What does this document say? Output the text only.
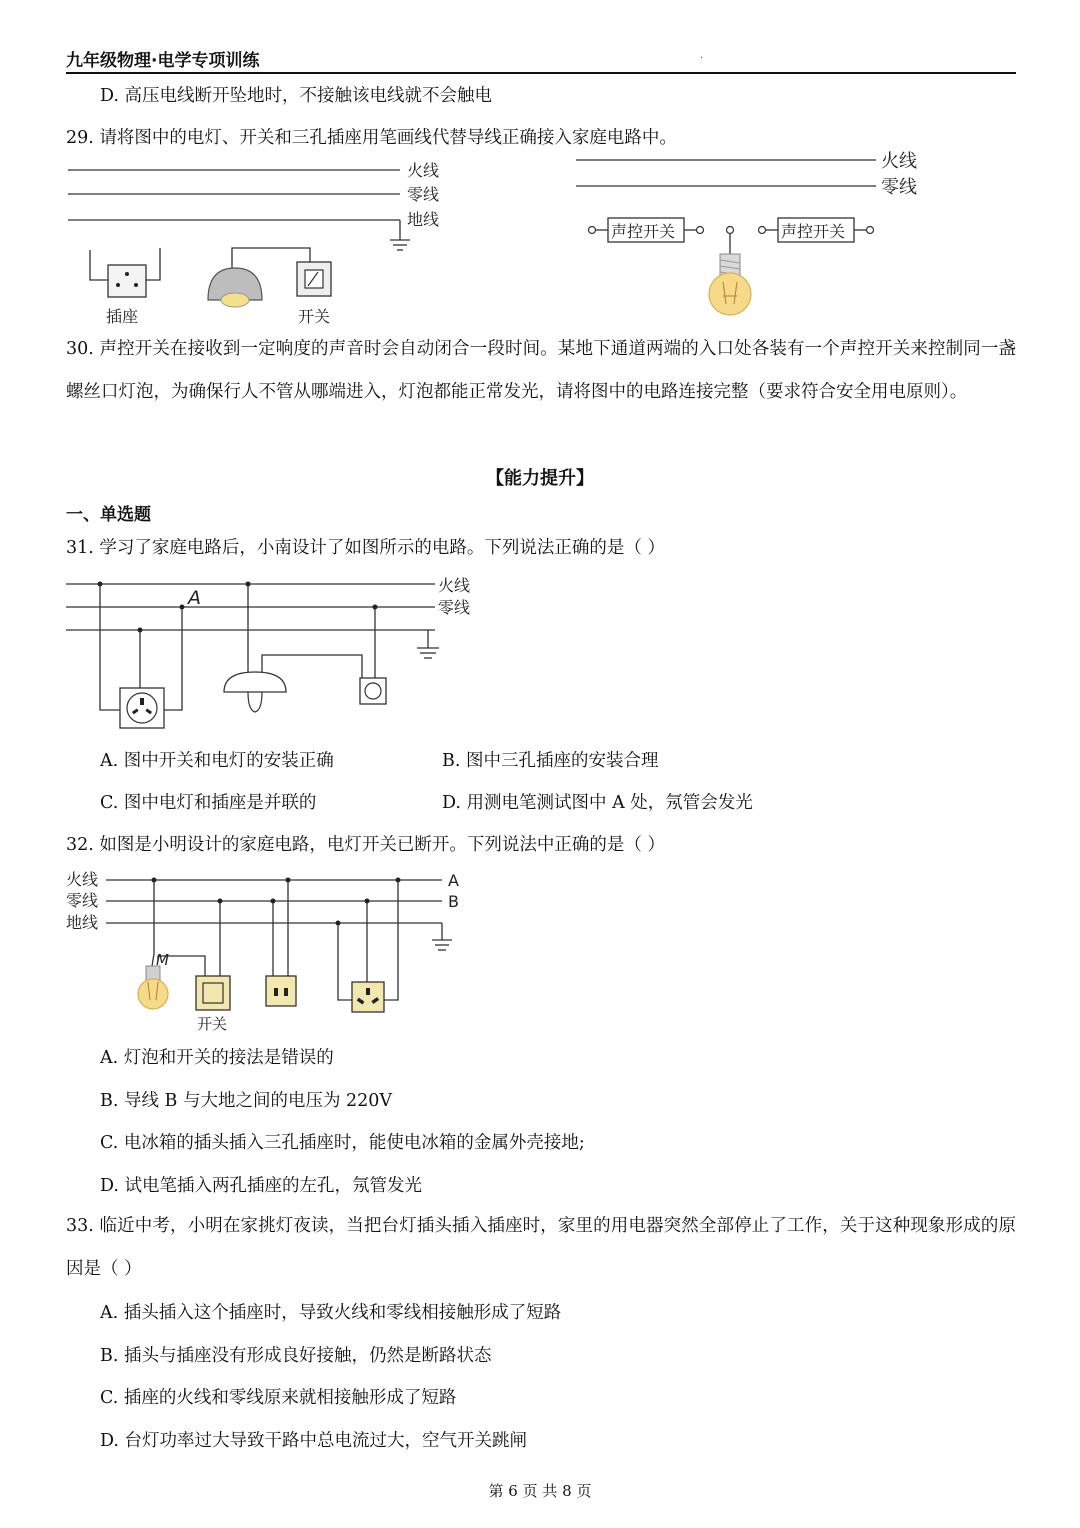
九年级物理·电学专项训练	.
D. 高压电线断开坠地时，不接触该电线就不会触电
29. 请将图中的电灯、开关和三孔插座用笔画线代替导线正确接入家庭电路中。
火线
零线
地线
插座	开关
火线
零线
声控开关	声控开关
30. 声控开关在接收到一定响度的声音时会自动闭合一段时间。某地下通道两端的入口处各装有一个声控开关来控制同一盏螺丝口灯泡，为确保行人不管从哪端进入，灯泡都能正常发光，请将图中的电路连接完整（要求符合安全用电原则）。
【能力提升】
一、单选题
31. 学习了家庭电路后，小南设计了如图所示的电路。下列说法正确的是（ ）
A
火线
零线
A. 图中开关和电灯的安装正确	B. 图中三孔插座的安装合理
C. 图中电灯和插座是并联的	D. 用测电笔测试图中 A 处，氖管会发光
32. 如图是小明设计的家庭电路，电灯开关已断开。下列说法中正确的是（ ）
火线
零线
地线
A
B
M
开关
A. 灯泡和开关的接法是错误的
B. 导线 B 与大地之间的电压为 220V
C. 电冰箱的插头插入三孔插座时，能使电冰箱的金属外壳接地;
D. 试电笔插入两孔插座的左孔，氖管发光
33. 临近中考，小明在家挑灯夜读，当把台灯插头插入插座时，家里的用电器突然全部停止了工作，关于这种现象形成的原因是（ ）
A. 插头插入这个插座时，导致火线和零线相接触形成了短路
B. 插头与插座没有形成良好接触，仍然是断路状态
C. 插座的火线和零线原来就相接触形成了短路
D. 台灯功率过大导致干路中总电流过大，空气开关跳闸
第 6 页 共 8 页
